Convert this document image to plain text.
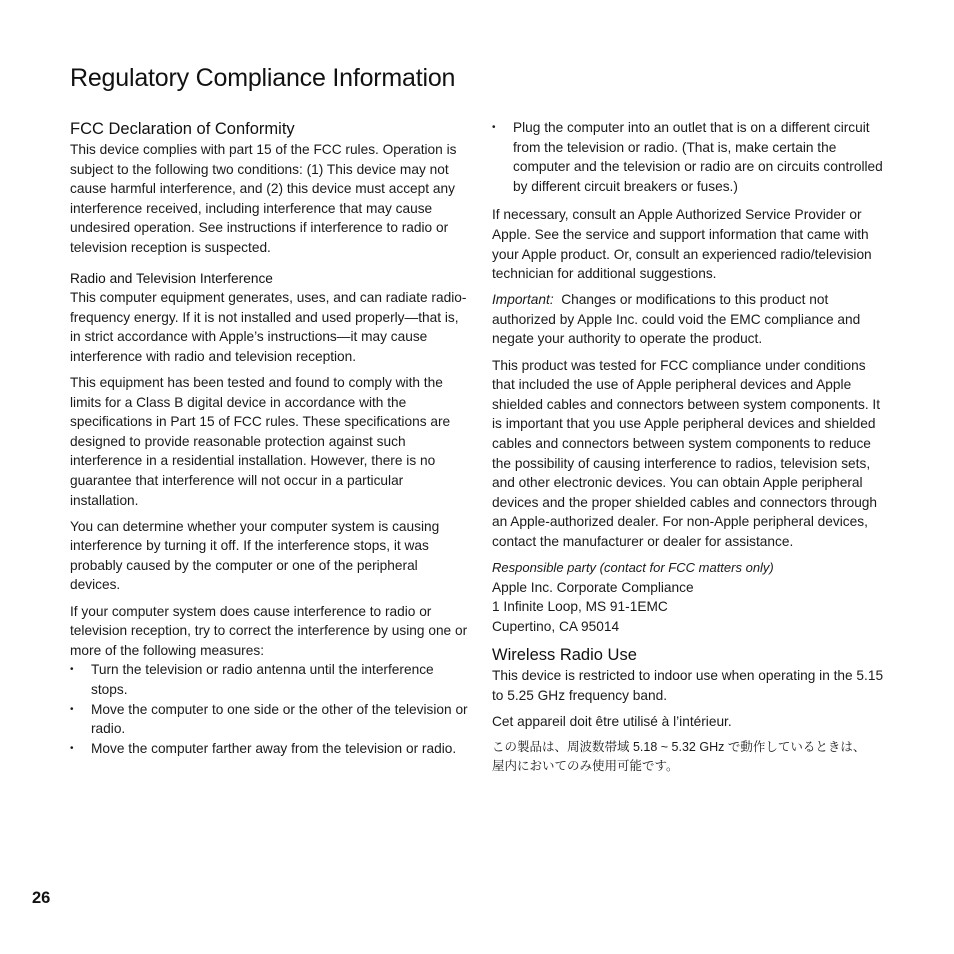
Regulatory Compliance Information
FCC Declaration of Conformity

This device complies with part 15 of the FCC rules. Operation is subject to the following two conditions: (1) This device may not cause harmful interference, and (2) this device must accept any interference received, including interference that may cause undesired operation. See instructions if interference to radio or television reception is suspected.

Radio and Television Interference

This computer equipment generates, uses, and can radiate radio-frequency energy. If it is not installed and used properly—that is, in strict accordance with Apple’s instructions—it may cause interference with radio and television reception.

This equipment has been tested and found to comply with the limits for a Class B digital device in accordance with the specifications in Part 15 of FCC rules. These specifications are designed to provide reasonable protection against such interference in a residential installation. However, there is no guarantee that interference will not occur in a particular installation.

You can determine whether your computer system is causing interference by turning it off. If the interference stops, it was probably caused by the computer or one of the peripheral devices.

If your computer system does cause interference to radio or television reception, try to correct the interference by using one or more of the following measures:

•	Turn the television or radio antenna until the interference stops.
•	Move the computer to one side or the other of the television or radio.
•	Move the computer farther away from the television or radio.
•	Plug the computer into an outlet that is on a different circuit from the television or radio. (That is, make certain the computer and the television or radio are on circuits controlled by different circuit breakers or fuses.)

If necessary, consult an Apple Authorized Service Provider or Apple. See the service and support information that came with your Apple product. Or, consult an experienced radio/television technician for additional suggestions.

Important: Changes or modifications to this product not authorized by Apple Inc. could void the EMC compliance and negate your authority to operate the product.

This product was tested for FCC compliance under conditions that included the use of Apple peripheral devices and Apple shielded cables and connectors between system components. It is important that you use Apple peripheral devices and shielded cables and connectors between system components to reduce the possibility of causing interference to radios, television sets, and other electronic devices. You can obtain Apple peripheral devices and the proper shielded cables and connectors through an Apple-authorized dealer. For non-Apple peripheral devices, contact the manufacturer or dealer for assistance.

Responsible party (contact for FCC matters only)

Apple Inc. Corporate Compliance

1 Infinite Loop, MS 91-1EMC

Cupertino, CA 95014

Wireless Radio Use

This device is restricted to indoor use when operating in the 5.15 to 5.25 GHz frequency band.

Cet appareil doit être utilisé à l’intérieur.

この製品は、周波数帯域 5.18 ~ 5.32 GHz で動作しているときは、
屋内においてのみ使用可能です。
26
